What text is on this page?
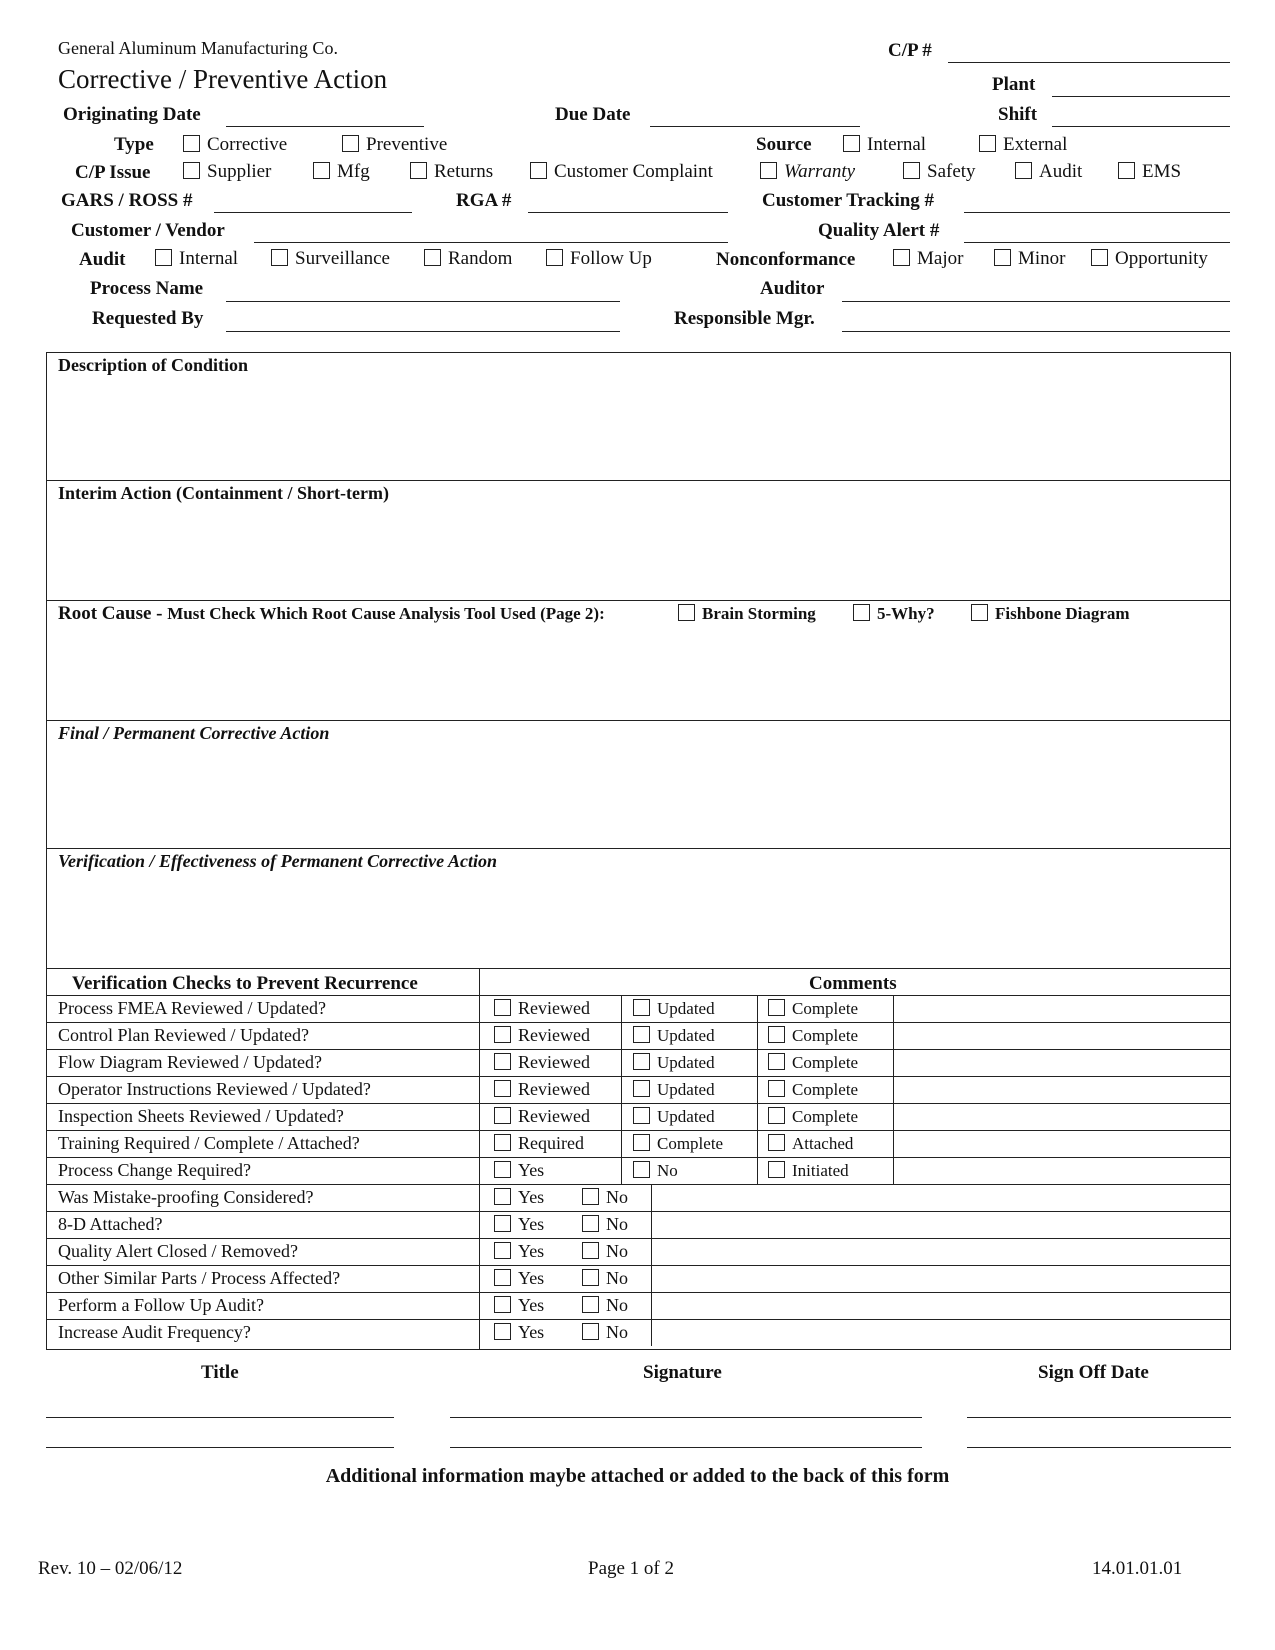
General Aluminum Manufacturing Co.
Corrective / Preventive Action
C/P #
Plant
Originating Date	Due Date	Shift
Type	Corrective	Preventive	Source	Internal	External
C/P Issue	Supplier	Mfg	Returns	Customer Complaint	Warranty	Safety	Audit	EMS
GARS / ROSS #	RGA #	Customer Tracking #
Customer / Vendor	Quality Alert #
Audit	Internal	Surveillance	Random	Follow Up	Nonconformance	Major	Minor	Opportunity
Process Name	Auditor
Requested By	Responsible Mgr.
Description of Condition
Interim Action (Containment / Short-term)
Root Cause - Must Check Which Root Cause Analysis Tool Used (Page 2):	Brain Storming	5-Why?	Fishbone Diagram
Final / Permanent Corrective Action
Verification / Effectiveness of Permanent Corrective Action
Verification Checks to Prevent Recurrence	Comments
Process FMEA Reviewed / Updated?	Reviewed	Updated	Complete
Control Plan Reviewed / Updated?	Reviewed	Updated	Complete
Flow Diagram Reviewed / Updated?	Reviewed	Updated	Complete
Operator Instructions Reviewed / Updated?	Reviewed	Updated	Complete
Inspection Sheets Reviewed / Updated?	Reviewed	Updated	Complete
Training Required / Complete / Attached?	Required	Complete	Attached
Process Change Required?	Yes	No	Initiated
Was Mistake-proofing Considered?	Yes	No
8-D Attached?	Yes	No
Quality Alert Closed / Removed?	Yes	No
Other Similar Parts / Process Affected?	Yes	No
Perform a Follow Up Audit?	Yes	No
Increase Audit Frequency?	Yes	No
Title	Signature	Sign Off Date
Additional information maybe attached or added to the back of this form
Rev. 10 – 02/06/12	Page 1 of 2	14.01.01.01
